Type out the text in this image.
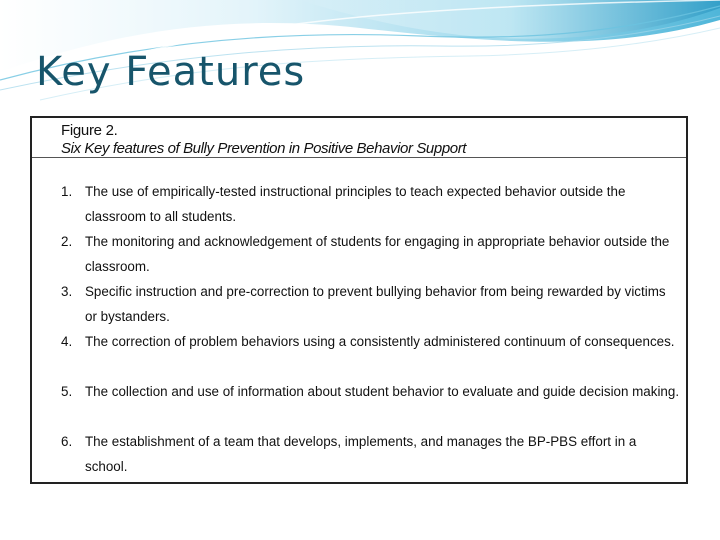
Key Features
Figure 2.
Six Key features of Bully Prevention in Positive Behavior Support
1. The use of empirically-tested instructional principles to teach expected behavior outside the classroom to all students.
2. The monitoring and acknowledgement of students for engaging in appropriate behavior outside the classroom.
3. Specific instruction and pre-correction to prevent bullying behavior from being rewarded by victims or bystanders.
4. The correction of problem behaviors using a consistently administered continuum of consequences.
5. The collection and use of information about student behavior to evaluate and guide decision making.
6. The establishment of a team that develops, implements, and manages the BP-PBS effort in a school.
